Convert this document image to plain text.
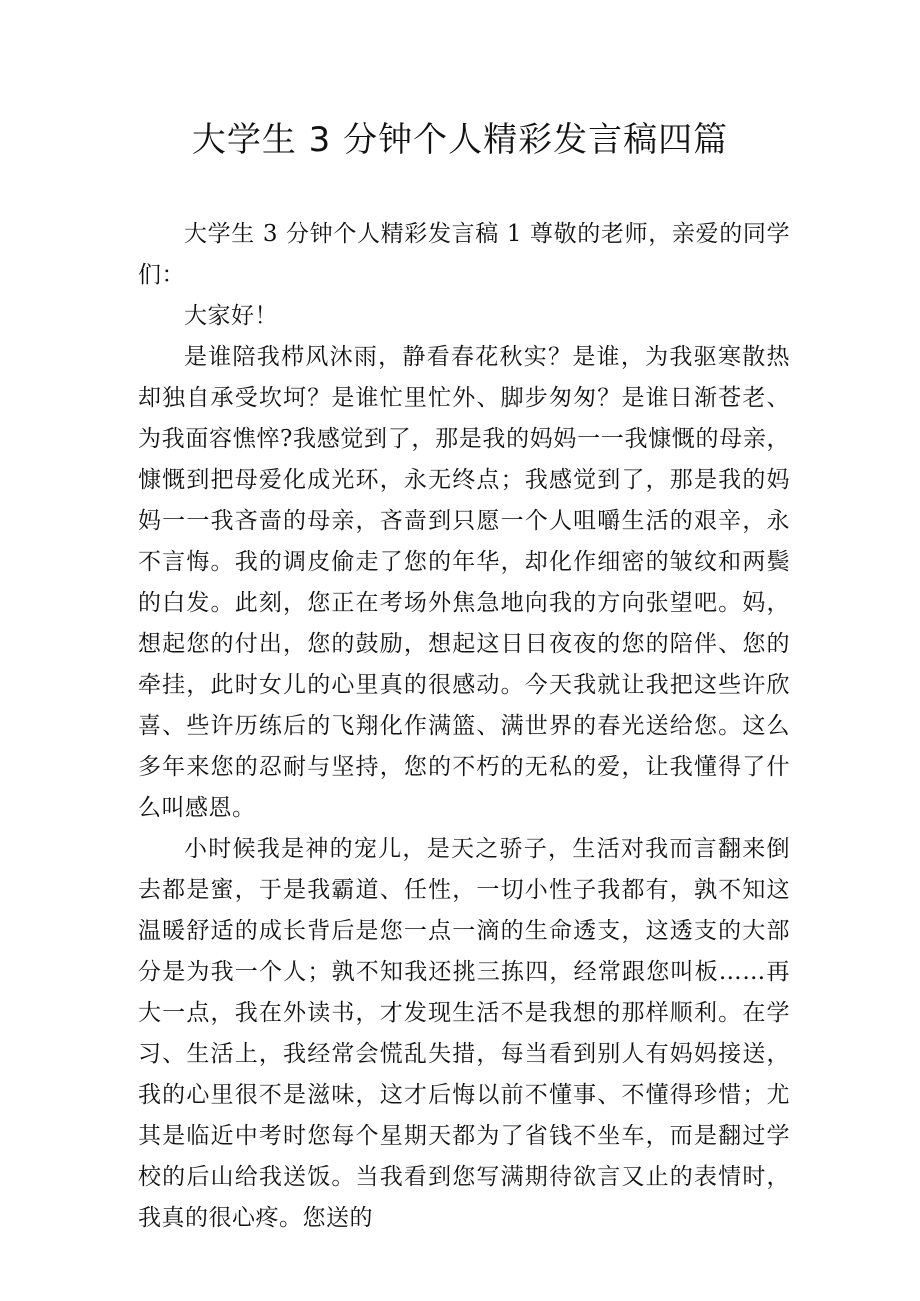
大学生 3 分钟个人精彩发言稿四篇

大学生 3 分钟个人精彩发言稿 1 尊敬的老师，亲爱的同学们：

大家好！

是谁陪我栉风沐雨，静看春花秋实？是谁，为我驱寒散热却独自承受坎坷？是谁忙里忙外、脚步匆匆？是谁日渐苍老、为我面容憔悴?我感觉到了，那是我的妈妈一一我慷慨的母亲，慷慨到把母爱化成光环，永无终点；我感觉到了，那是我的妈妈一一我吝啬的母亲，吝啬到只愿一个人咀嚼生活的艰辛，永不言悔。我的调皮偷走了您的年华，却化作细密的皱纹和两鬓的白发。此刻，您正在考场外焦急地向我的方向张望吧。妈，想起您的付出，您的鼓励，想起这日日夜夜的您的陪伴、您的牵挂，此时女儿的心里真的很感动。今天我就让我把这些许欣喜、些许历练后的飞翔化作满篮、满世界的春光送给您。这么多年来您的忍耐与坚持，您的不朽的无私的爱，让我懂得了什么叫感恩。

小时候我是神的宠儿，是天之骄子，生活对我而言翻来倒去都是蜜，于是我霸道、任性，一切小性子我都有，孰不知这温暖舒适的成长背后是您一点一滴的生命透支，这透支的大部分是为我一个人；孰不知我还挑三拣四，经常跟您叫板……再大一点，我在外读书，才发现生活不是我想的那样顺利。在学习、生活上，我经常会慌乱失措，每当看到别人有妈妈接送，我的心里很不是滋味，这才后悔以前不懂事、不懂得珍惜；尤其是临近中考时您每个星期天都为了省钱不坐车，而是翻过学校的后山给我送饭。当我看到您写满期待欲言又止的表情时，我真的很心疼。您送的
